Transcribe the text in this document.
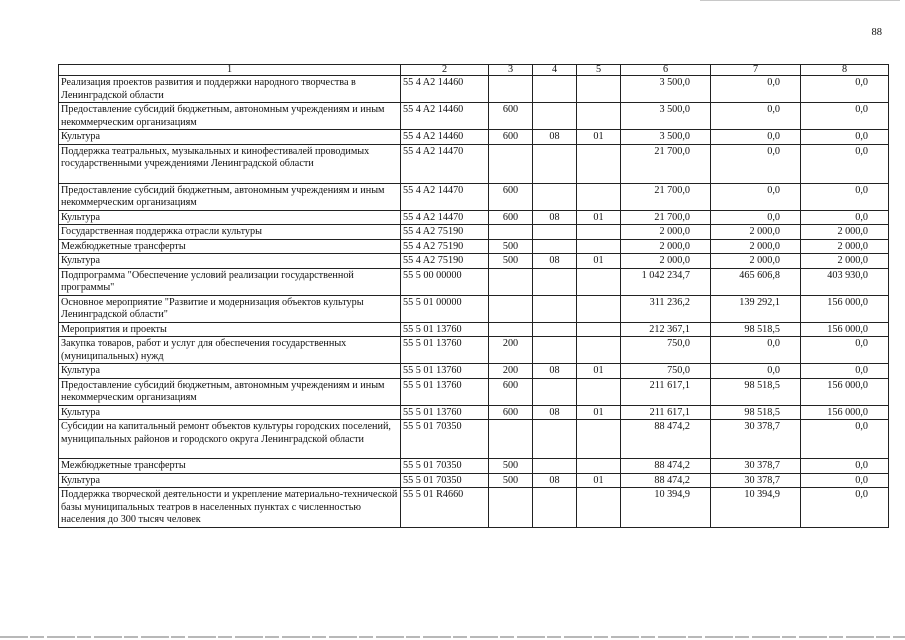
88
1	2	3	4	5	6	7	8
Реализация проектов развития и поддержки народного творчества в Ленинградской области	55 4 A2 14460				3 500,0	0,0	0,0
Предоставление субсидий бюджетным, автономным учреждениям и иным некоммерческим организациям	55 4 A2 14460	600			3 500,0	0,0	0,0
Культура	55 4 A2 14460	600	08	01	3 500,0	0,0	0,0
Поддержка театральных, музыкальных и кинофестивалей проводимых государственными учреждениями Ленинградской области	55 4 A2 14470				21 700,0	0,0	0,0
Предоставление субсидий бюджетным, автономным учреждениям и иным некоммерческим организациям	55 4 A2 14470	600			21 700,0	0,0	0,0
Культура	55 4 A2 14470	600	08	01	21 700,0	0,0	0,0
Государственная поддержка отрасли культуры	55 4 A2 75190				2 000,0	2 000,0	2 000,0
Межбюджетные трансферты	55 4 A2 75190	500			2 000,0	2 000,0	2 000,0
Культура	55 4 A2 75190	500	08	01	2 000,0	2 000,0	2 000,0
Подпрограмма "Обеспечение условий реализации государственной программы"	55 5 00 00000				1 042 234,7	465 606,8	403 930,0
Основное мероприятие "Развитие и модернизация объектов культуры Ленинградской области"	55 5 01 00000				311 236,2	139 292,1	156 000,0
Мероприятия и проекты	55 5 01 13760				212 367,1	98 518,5	156 000,0
Закупка товаров, работ и услуг для обеспечения государственных (муниципальных) нужд	55 5 01 13760	200			750,0	0,0	0,0
Культура	55 5 01 13760	200	08	01	750,0	0,0	0,0
Предоставление субсидий бюджетным, автономным учреждениям и иным некоммерческим организациям	55 5 01 13760	600			211 617,1	98 518,5	156 000,0
Культура	55 5 01 13760	600	08	01	211 617,1	98 518,5	156 000,0
Субсидии на капитальный ремонт объектов культуры городских поселений, муниципальных районов и городского округа Ленинградской области	55 5 01 70350				88 474,2	30 378,7	0,0
Межбюджетные трансферты	55 5 01 70350	500			88 474,2	30 378,7	0,0
Культура	55 5 01 70350	500	08	01	88 474,2	30 378,7	0,0
Поддержка творческой деятельности и укрепление материально-технической базы муниципальных театров в населенных пунктах с численностью населения до 300 тысяч человек	55 5 01 R4660				10 394,9	10 394,9	0,0
